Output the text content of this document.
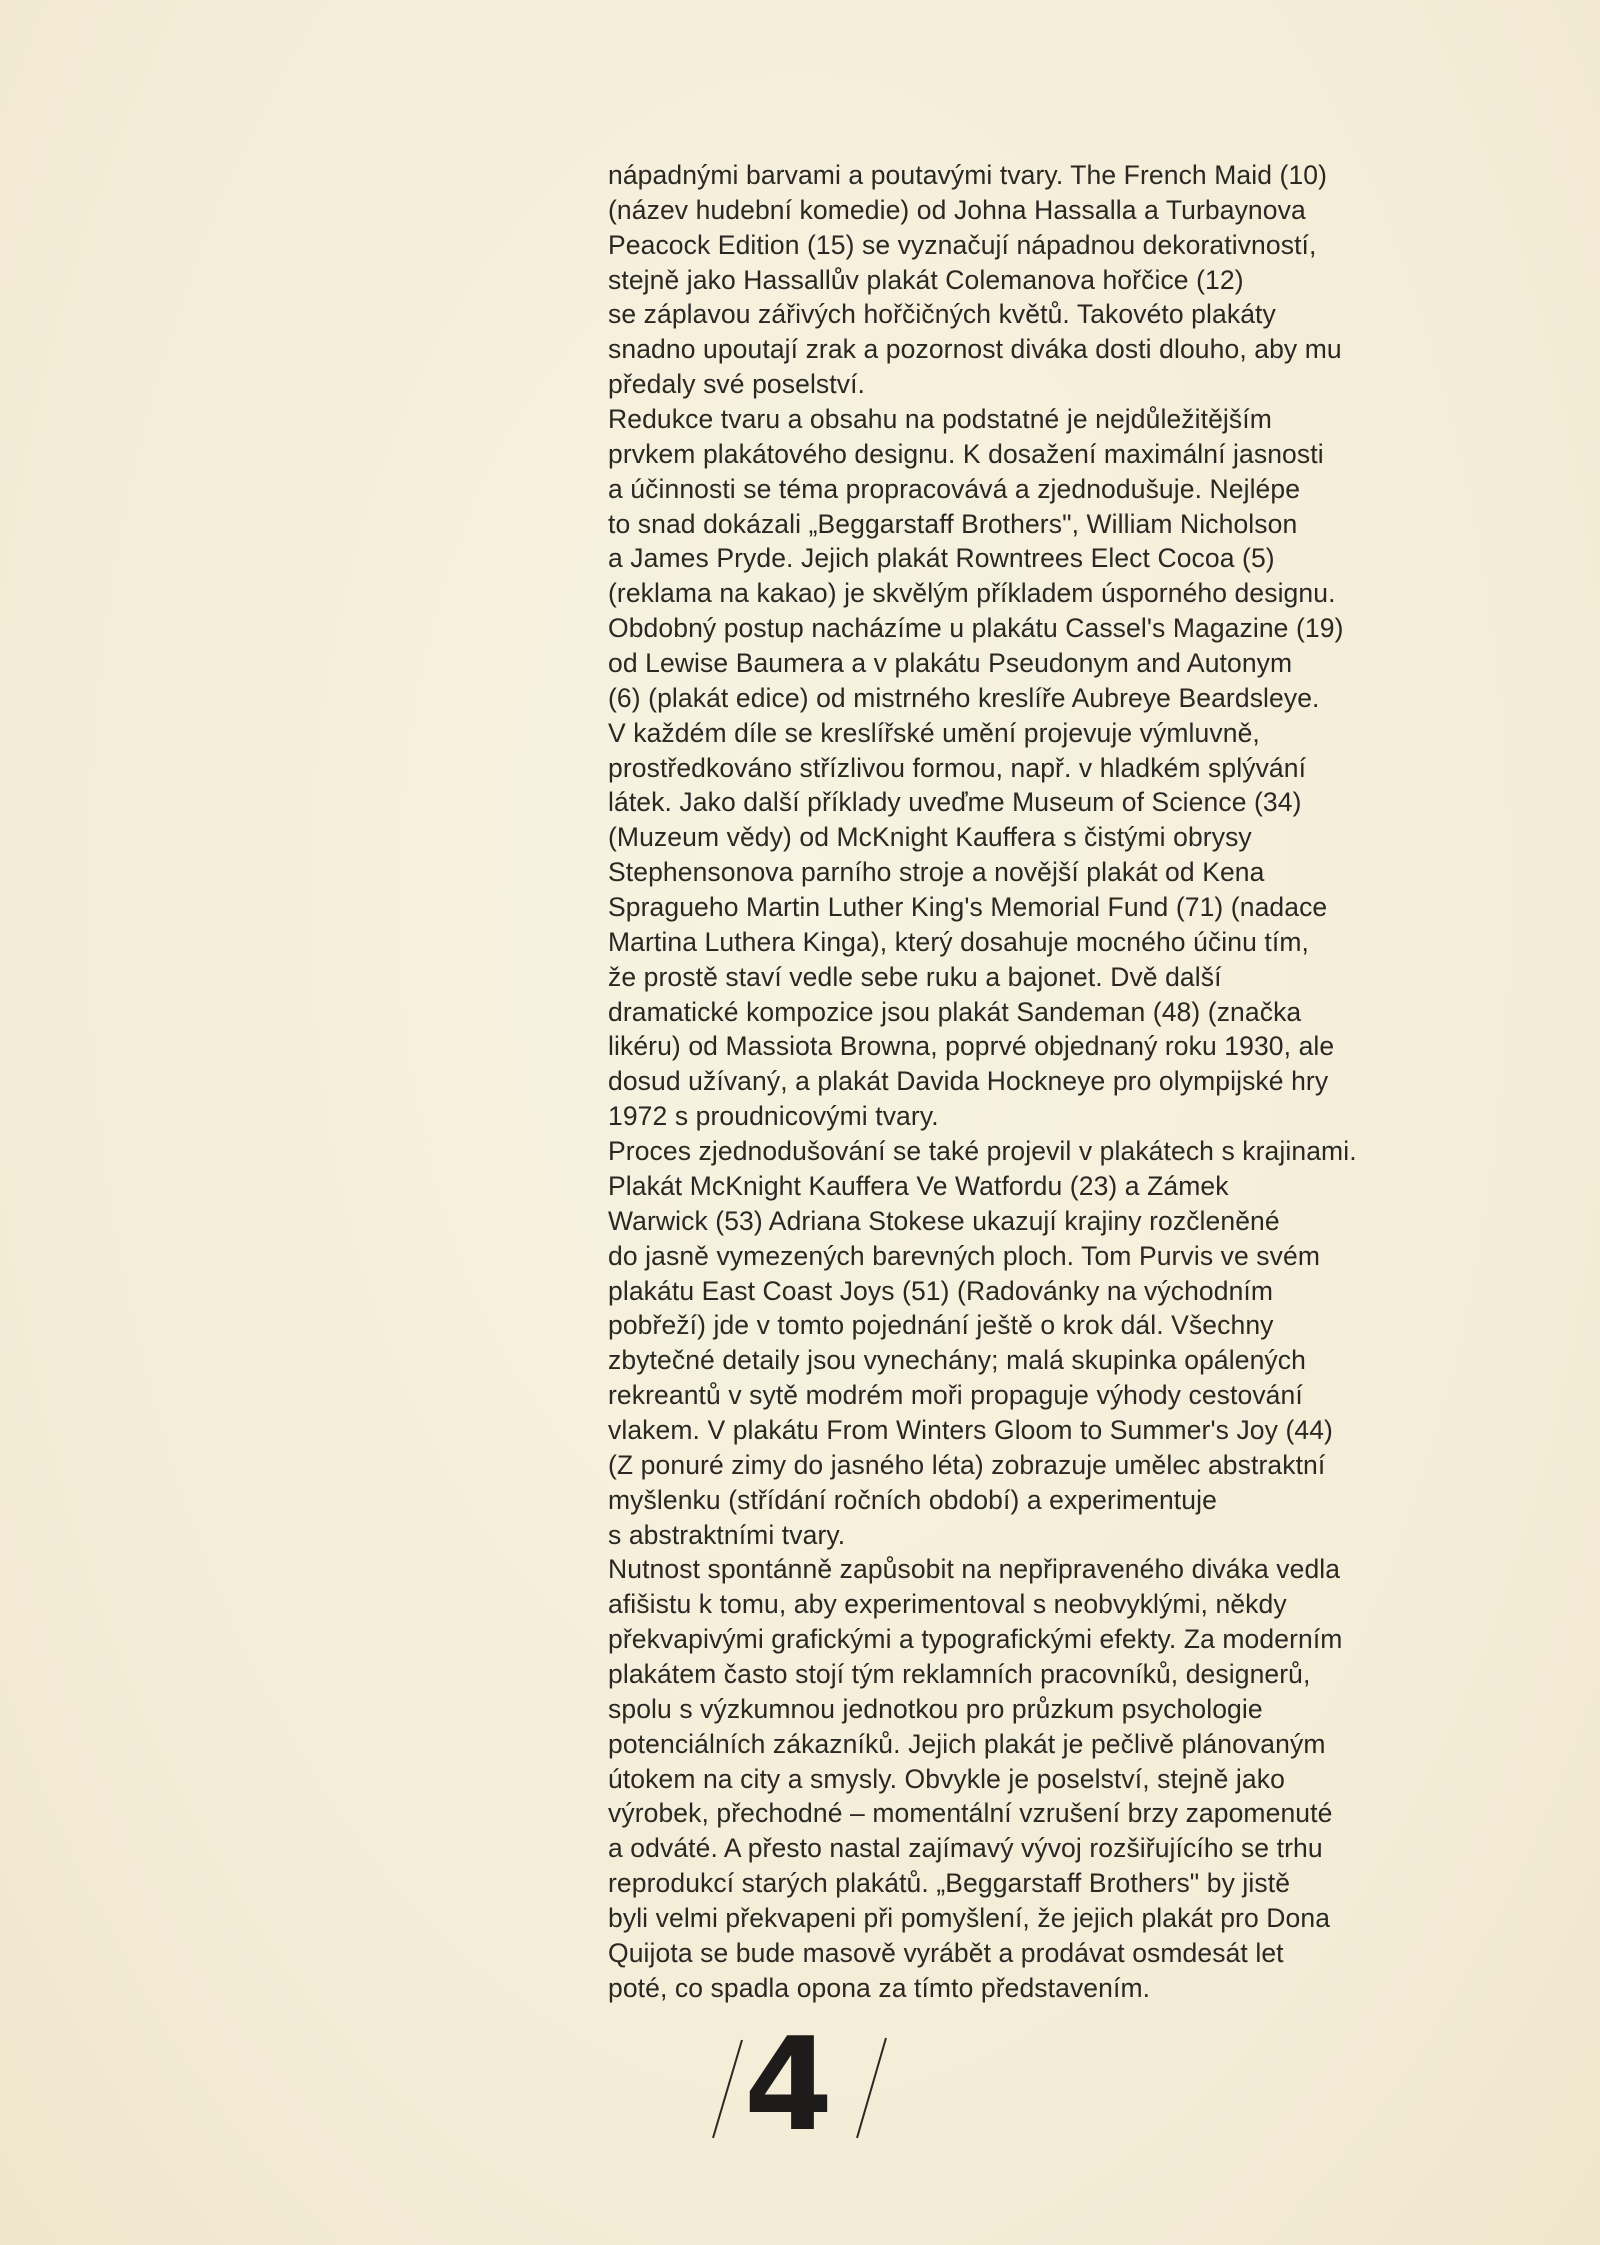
nápadnými barvami a poutavými tvary. The French Maid (10)
(název hudební komedie) od Johna Hassalla a Turbaynova
Peacock Edition (15) se vyznačují nápadnou dekorativností,
stejně jako Hassallův plakát Colemanova hořčice (12)
se záplavou zářivých hořčičných květů. Takovéto plakáty
snadno upoutají zrak a pozornost diváka dosti dlouho, aby mu
předaly své poselství.
Redukce tvaru a obsahu na podstatné je nejdůležitějším
prvkem plakátového designu. K dosažení maximální jasnosti
a účinnosti se téma propracovává a zjednodušuje. Nejlépe
to snad dokázali „Beggarstaff Brothers", William Nicholson
a James Pryde. Jejich plakát Rowntrees Elect Cocoa (5)
(reklama na kakao) je skvělým příkladem úsporného designu.
Obdobný postup nacházíme u plakátu Cassel's Magazine (19)
od Lewise Baumera a v plakátu Pseudonym and Autonym
(6) (plakát edice) od mistrného kreslíře Aubreye Beardsleye.
V každém díle se kreslířské umění projevuje výmluvně,
prostředkováno střízlivou formou, např. v hladkém splývání
látek. Jako další příklady uveďme Museum of Science (34)
(Muzeum vědy) od McKnight Kauffera s čistými obrysy
Stephensonova parního stroje a novější plakát od Kena
Spragueho Martin Luther King's Memorial Fund (71) (nadace
Martina Luthera Kinga), který dosahuje mocného účinu tím,
že prostě staví vedle sebe ruku a bajonet. Dvě další
dramatické kompozice jsou plakát Sandeman (48) (značka
likéru) od Massiota Browna, poprvé objednaný roku 1930, ale
dosud užívaný, a plakát Davida Hockneye pro olympijské hry
1972 s proudnicovými tvary.
Proces zjednodušování se také projevil v plakátech s krajinami.
Plakát McKnight Kauffera Ve Watfordu (23) a Zámek
Warwick (53) Adriana Stokese ukazují krajiny rozčleněné
do jasně vymezených barevných ploch. Tom Purvis ve svém
plakátu East Coast Joys (51) (Radovánky na východním
pobřeží) jde v tomto pojednání ještě o krok dál. Všechny
zbytečné detaily jsou vynechány; malá skupinka opálených
rekreantů v sytě modrém moři propaguje výhody cestování
vlakem. V plakátu From Winters Gloom to Summer's Joy (44)
(Z ponuré zimy do jasného léta) zobrazuje umělec abstraktní
myšlenku (střídání ročních období) a experimentuje
s abstraktními tvary.
Nutnost spontánně zapůsobit na nepřipraveného diváka vedla
afišistu k tomu, aby experimentoval s neobvyklými, někdy
překvapivými grafickými a typografickými efekty. Za moderním
plakátem často stojí tým reklamních pracovníků, designerů,
spolu s výzkumnou jednotkou pro průzkum psychologie
potenciálních zákazníků. Jejich plakát je pečlivě plánovaným
útokem na city a smysly. Obvykle je poselství, stejně jako
výrobek, přechodné – momentální vzrušení brzy zapomenuté
a odváté. A přesto nastal zajímavý vývoj rozšiřujícího se trhu
reprodukcí starých plakátů. „Beggarstaff Brothers" by jistě
byli velmi překvapeni při pomyšlení, že jejich plakát pro Dona
Quijota se bude masově vyrábět a prodávat osmdesát let
poté, co spadla opona za tímto představením.
4
